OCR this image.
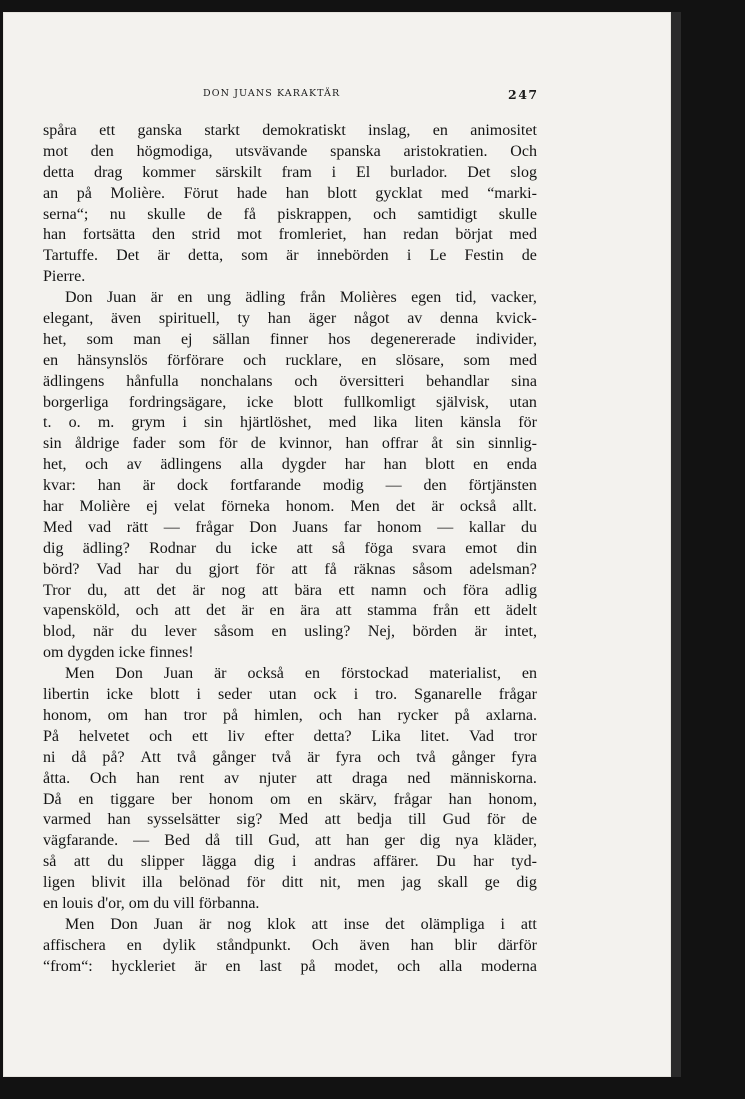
DON JUANS KARAKTÄR	247
spåra ett ganska starkt demokratiskt inslag, en animositet
mot den högmodiga, utsvävande spanska aristokratien. Och
detta drag kommer särskilt fram i El burlador. Det slog
an på Molière. Förut hade han blott gycklat med “marki-
serna“; nu skulle de få piskrappen, och samtidigt skulle
han fortsätta den strid mot fromleriet, han redan börjat med
Tartuffe. Det är detta, som är innebörden i Le Festin de
Pierre.
Don Juan är en ung ädling från Molières egen tid, vacker,
elegant, även spirituell, ty han äger något av denna kvick-
het, som man ej sällan finner hos degenererade individer,
en hänsynslös förförare och rucklare, en slösare, som med
ädlingens hånfulla nonchalans och översitteri behandlar sina
borgerliga fordringsägare, icke blott fullkomligt självisk, utan
t. o. m. grym i sin hjärtlöshet, med lika liten känsla för
sin åldrige fader som för de kvinnor, han offrar åt sin sinnlig-
het, och av ädlingens alla dygder har han blott en enda
kvar: han är dock fortfarande modig — den förtjänsten
har Molière ej velat förneka honom. Men det är också allt.
Med vad rätt — frågar Don Juans far honom — kallar du
dig ädling? Rodnar du icke att så föga svara emot din
börd? Vad har du gjort för att få räknas såsom adelsman?
Tror du, att det är nog att bära ett namn och föra adlig
vapensköld, och att det är en ära att stamma från ett ädelt
blod, när du lever såsom en usling? Nej, börden är intet,
om dygden icke finnes!
Men Don Juan är också en förstockad materialist, en
libertin icke blott i seder utan ock i tro. Sganarelle frågar
honom, om han tror på himlen, och han rycker på axlarna.
På helvetet och ett liv efter detta? Lika litet. Vad tror
ni då på? Att två gånger två är fyra och två gånger fyra
åtta. Och han rent av njuter att draga ned människorna.
Då en tiggare ber honom om en skärv, frågar han honom,
varmed han sysselsätter sig? Med att bedja till Gud för de
vägfarande. — Bed då till Gud, att han ger dig nya kläder,
så att du slipper lägga dig i andras affärer. Du har tyd-
ligen blivit illa belönad för ditt nit, men jag skall ge dig
en louis d'or, om du vill förbanna.
Men Don Juan är nog klok att inse det olämpliga i att
affischera en dylik ståndpunkt. Och även han blir därför
“from“: hyckleriet är en last på modet, och alla moderna
